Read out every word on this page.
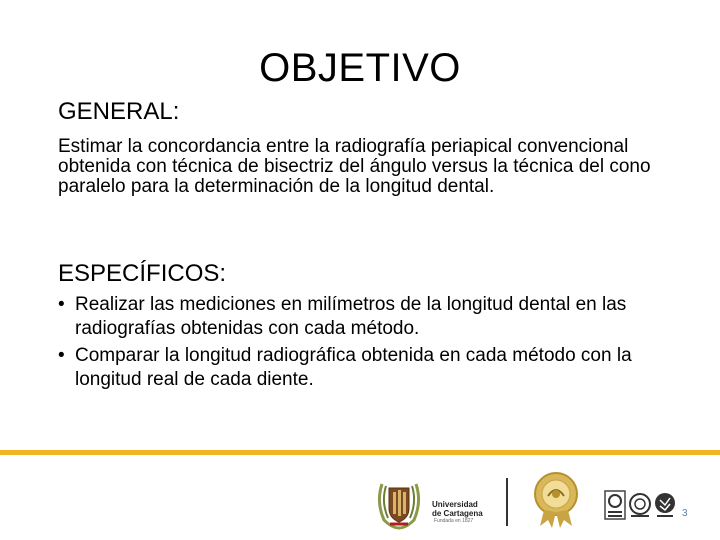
OBJETIVO
GENERAL:
Estimar la concordancia entre la radiografía periapical convencional obtenida con técnica de bisectriz del ángulo versus la técnica del cono paralelo para la determinación de la longitud dental.
ESPECÍFICOS:
• Realizar las mediciones en milímetros de la longitud dental en las radiografías obtenidas con cada método.
• Comparar la longitud radiográfica obtenida en cada método con la longitud real de cada diente.
Universidad
de Cartagena
Fundada en 1827
3
